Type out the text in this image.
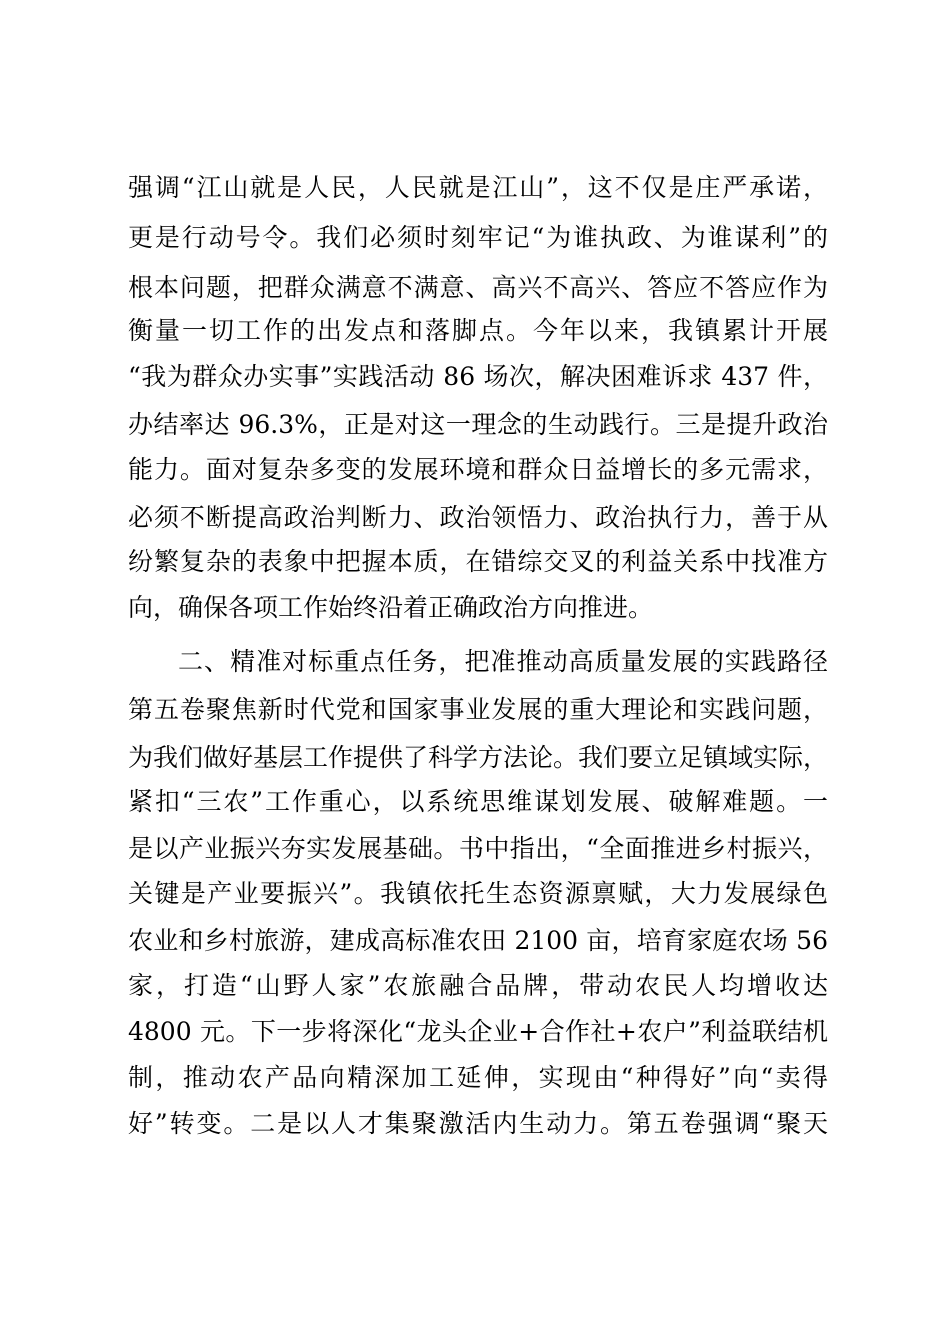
强调“江山就是人民，人民就是江山”，这不仅是庄严承诺，
更是行动号令。我们必须时刻牢记“为谁执政、为谁谋利”的
根本问题，把群众满意不满意、高兴不高兴、答应不答应作为
衡量一切工作的出发点和落脚点。今年以来，我镇累计开展
“我为群众办实事”实践活动 86 场次，解决困难诉求 437 件，
办结率达 96.3%，正是对这一理念的生动践行。三是提升政治
能力。面对复杂多变的发展环境和群众日益增长的多元需求，
必须不断提高政治判断力、政治领悟力、政治执行力，善于从
纷繁复杂的表象中把握本质，在错综交叉的利益关系中找准方
向，确保各项工作始终沿着正确政治方向推进。
二、精准对标重点任务，把准推动高质量发展的实践路径
第五卷聚焦新时代党和国家事业发展的重大理论和实践问题，
为我们做好基层工作提供了科学方法论。我们要立足镇域实际，
紧扣“三农”工作重心，以系统思维谋划发展、破解难题。一
是以产业振兴夯实发展基础。书中指出，“全面推进乡村振兴，
关键是产业要振兴”。我镇依托生态资源禀赋，大力发展绿色
农业和乡村旅游，建成高标准农田 2100 亩，培育家庭农场 56
家，打造“山野人家”农旅融合品牌，带动农民人均增收达
4800 元。下一步将深化“龙头企业+合作社+农户”利益联结机
制，推动农产品向精深加工延伸，实现由“种得好”向“卖得
好”转变。二是以人才集聚激活内生动力。第五卷强调“聚天
